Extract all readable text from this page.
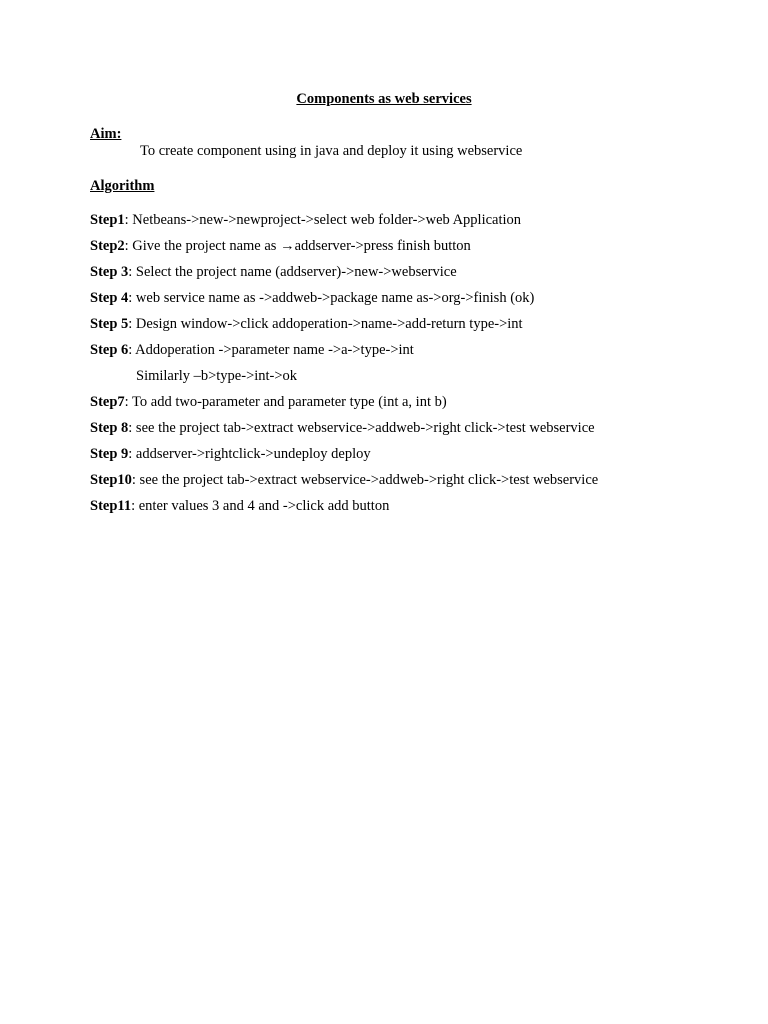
Components as web services
Aim:
To create component using in java and deploy it using webservice
Algorithm
Step1: Netbeans->new->newproject->select web folder->web Application
Step2: Give the project name as →addserver->press finish button
Step 3: Select the project name (addserver)->new->webservice
Step 4: web service name as ->addweb->package name as->org->finish (ok)
Step 5: Design window->click addoperation->name->add-return type->int
Step 6: Addoperation ->parameter name ->a->type->int
Similarly –b>type->int->ok
Step7: To add two-parameter and parameter type (int a, int b)
Step 8: see the project tab->extract webservice->addweb->right click->test webservice
Step 9: addserver->rightclick->undeploy deploy
Step10: see the project tab->extract webservice->addweb->right click->test webservice
Step11: enter values 3 and 4 and ->click add button
